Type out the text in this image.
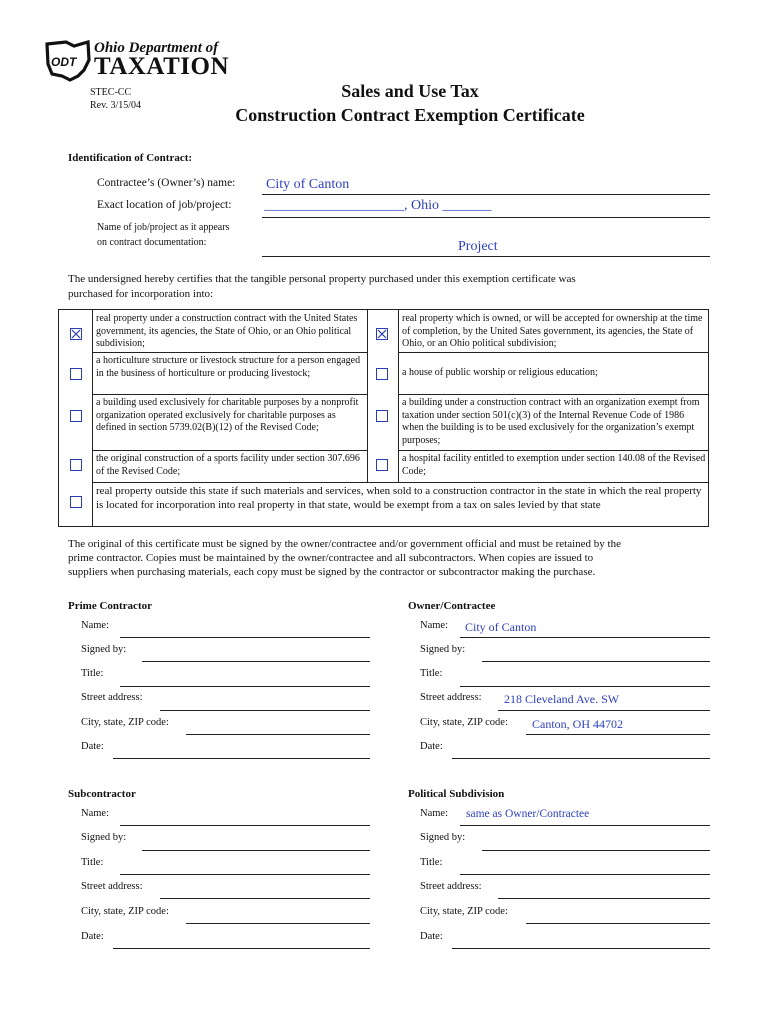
ODT
Ohio Department of
TAXATION
STEC-CC
Rev. 3/15/04
Sales and Use Tax
Construction Contract Exemption Certificate
Identification of Contract:
Contractee’s (Owner’s) name: City of Canton
Exact location of job/project: ____________________, Ohio _______
Name of job/project as it appears
on contract documentation:	Project
The undersigned hereby certifies that the tangible personal property purchased under this exemption certificate was
purchased for incorporation into:
real property under a construction contract with the United States government, its agencies, the State of Ohio, or an Ohio political subdivision;
real property which is owned, or will be accepted for ownership at the time of completion, by the United Sates government, its agencies, the State of Ohio, or an Ohio political subdivision;
a horticulture structure or livestock structure for a person engaged in the business of horticulture or producing livestock;	a house of public worship or religious education;
a building used exclusively for charitable purposes by a nonprofit organization operated exclusively for charitable purposes as defined in section 5739.02(B)(12) of the Revised Code;
a building under a construction contract with an organization exempt from taxation under section 501(c)(3) of the Internal Revenue Code of 1986 when the building is to be used exclusively for the organization’s exempt purposes;
the original construction of a sports facility under section 307.696 of the Revised Code;
a hospital facility entitled to exemption under section 140.08 of the Revised Code;
real property outside this state if such materials and services, when sold to a construction contractor in the state in which the real property is located for incorporation into real property in that state, would be exempt from a tax on sales levied by that state
The original of this certificate must be signed by the owner/contractee and/or government official and must be retained by the
prime contractor. Copies must be maintained by the owner/contractee and all subcontractors. When copies are issued to
suppliers when purchasing materials, each copy must be signed by the contractor or subcontractor making the purchase.
Prime Contractor
Name:
Signed by:
Title:
Street address:
City, state, ZIP code:
Date:
Owner/Contractee
Name: City of Canton
Signed by:
Title:
Street address: 218 Cleveland Ave. SW
City, state, ZIP code: Canton, OH 44702
Date:
Subcontractor
Name:
Signed by:
Title:
Street address:
City, state, ZIP code:
Date:
Political Subdivision
Name: same as Owner/Contractee
Signed by:
Title:
Street address:
City, state, ZIP code:
Date:
